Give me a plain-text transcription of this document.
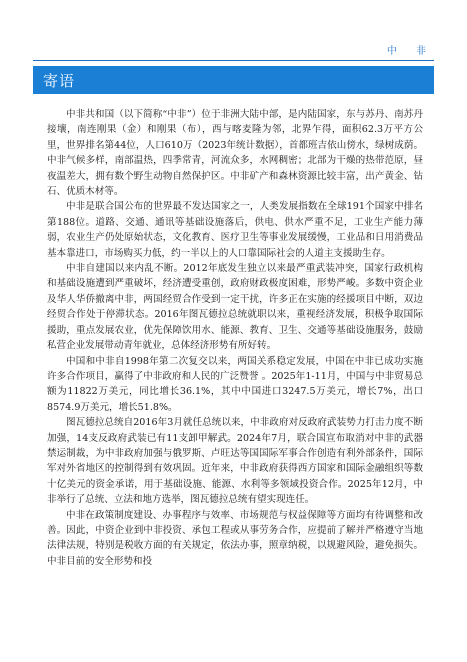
中 非
寄语

中非共和国（以下简称“中非”）位于非洲大陆中部，是内陆国家，东与苏丹、南苏丹接壤，南连刚果（金）和刚果（布），西与喀麦隆为邻，北界乍得，面积62.3万平方公里，世界排名第44位，人口610万（2023年统计数据），首都班吉依山傍水，绿树成荫。中非气候多样，南部温热，四季常青，河流众多，水网稠密；北部为干燥的热带范原，昼夜温差大，拥有数个野生动物自然保护区。中非矿产和森林资源比较丰富，出产黄金、钻石、优质木材等。

中非是联合国公布的世界最不发达国家之一，人类发展指数在全球191个国家中排名第188位。道路、交通、通讯等基础设施落后，供电、供水严重不足，工业生产能力薄弱，农业生产仍处原始状态，文化教育、医疗卫生等事业发展缓慢，工业品和日用消费品基本靠进口，市场购买力低，约一半以上的人口靠国际社会的人道主支援助生存。

中非自建国以来内乱不断。2012年底发生独立以来最严重武装冲突，国家行政机构和基础设施遭到严重破坏，经济遭受重创，政府财政极度困难，形势严峻。多数中资企业及华人华侨撤离中非，两国经贸合作受到一定干扰，许多正在实施的经援项目中断，双边经贸合作处于停滞状态。2016年图瓦德拉总统就职以来，重视经济发展，积极争取国际援助，重点发展农业，优先保障饮用水、能源、教育、卫生、交通等基础设施服务，鼓励私营企业发展带动青年就业，总体经济形势有所好转。

中国和中非自1998年第二次复交以来，两国关系稳定发展，中国在中非已成功实施许多合作项目，赢得了中非政府和人民的广泛赞誉 。2025年1-11月，中国与中非贸易总额为11822万美元，同比增长36.1%，其中中国进口3247.5万美元，增长7%，出口8574.9万美元，增长51.8%。

图瓦德拉总统自2016年3月就任总统以来，中非政府对反政府武装势力打击力度不断加强，14支反政府武装已有11支卸甲解武。2024年7月，联合国宣布取消对中非的武器禁运制裁，为中非政府加强与俄罗斯、卢旺达等国国际军事合作创造有利外部条件，国际军对外省地区的控制得到有效巩固。近年来，中非政府获得西方国家和国际金融组织等数十亿美元的资金承诺，用于基础设施、能源、水利等多领域投资合作。2025年12月，中非举行了总统、立法和地方选举，图瓦德拉总统有望实现连任。

中非在政策制度建设、办事程序与效率、市场规范与权益保障等方面均有待调整和改善。因此，中资企业到中非投资、承包工程或从事劳务合作，应提前了解并严格遵守当地法律法规，特别是税收方面的有关规定，依法办事，照章纳税，以规避风险，避免损失。中非目前的安全形势和投
